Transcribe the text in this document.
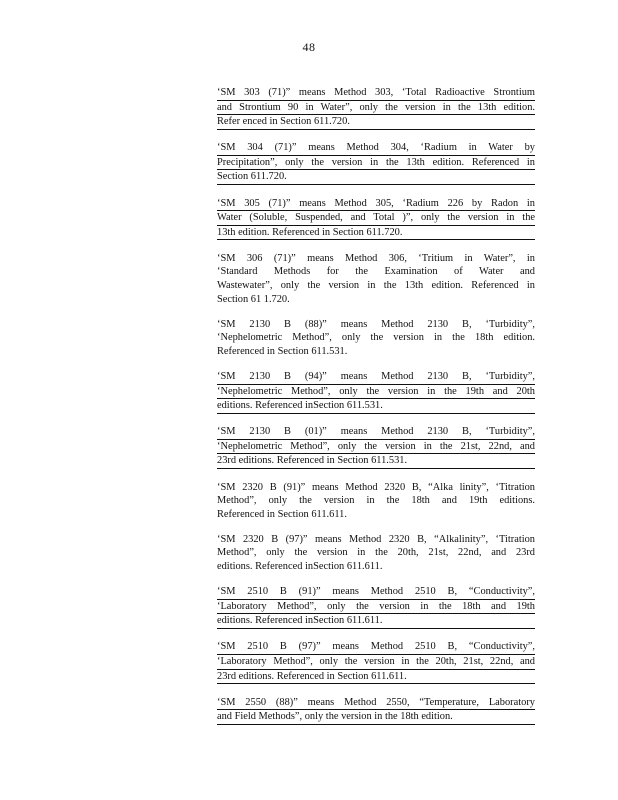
48
‘SM 303 (71)” means Method 303, ‘Total Radioactive Strontium
and Strontium 90 in Water”, only the version in the 13th edition.
Refer enced in Section 611.720.
‘SM 304 (71)” means Method 304, ‘Radium in Water by
Precipitation”, only the version in the 13th edition. Referenced in
Section 611.720.
‘SM 305 (71)” means Method 305, ‘Radium 226 by Radon in
Water (Soluble, Suspended, and Total )”, only the version in the
13th edition. Referenced in Section 611.720.
‘SM 306 (71)” means Method 306, ‘Tritium in Water”, in
‘Standard Methods for the Examination of Water and
Wastewater”, only the version in the 13th edition. Referenced in
Section 61 1.720.
‘SM 2130 B (88)” means Method 2130 B, ‘Turbidity”,
‘Nephelometric Method”, only the version in the 18th edition.
Referenced in Section 611.531.
‘SM 2130 B (94)” means Method 2130 B, ‘Turbidity”,
‘Nephelometric Method”, only the version in the 19th and 20th
editions. Referenced inSection 611.531.
‘SM 2130 B (01)” means Method 2130 B, ‘Turbidity”,
‘Nephelometric Method”, only the version in the 21st, 22nd, and
23rd editions. Referenced in Section 611.531.
‘SM 2320 B (91)” means Method 2320 B, “Alka linity”, ‘Titration
Method”, only the version in the 18th and 19th editions.
Referenced in Section 611.611.
‘SM 2320 B (97)” means Method 2320 B, “Alkalinity”, ‘Titration
Method”, only the version in the 20th, 21st, 22nd, and 23rd
editions. Referenced inSection 611.611.
‘SM 2510 B (91)” means Method 2510 B, “Conductivity”,
‘Laboratory Method”, only the version in the 18th and 19th
editions. Referenced inSection 611.611.
‘SM 2510 B (97)” means Method 2510 B, “Conductivity”,
‘Laboratory Method”, only the version in the 20th, 21st, 22nd, and
23rd editions. Referenced in Section 611.611.
‘SM 2550 (88)” means Method 2550, “Temperature, Laboratory
and Field Methods”, only the version in the 18th edition.
